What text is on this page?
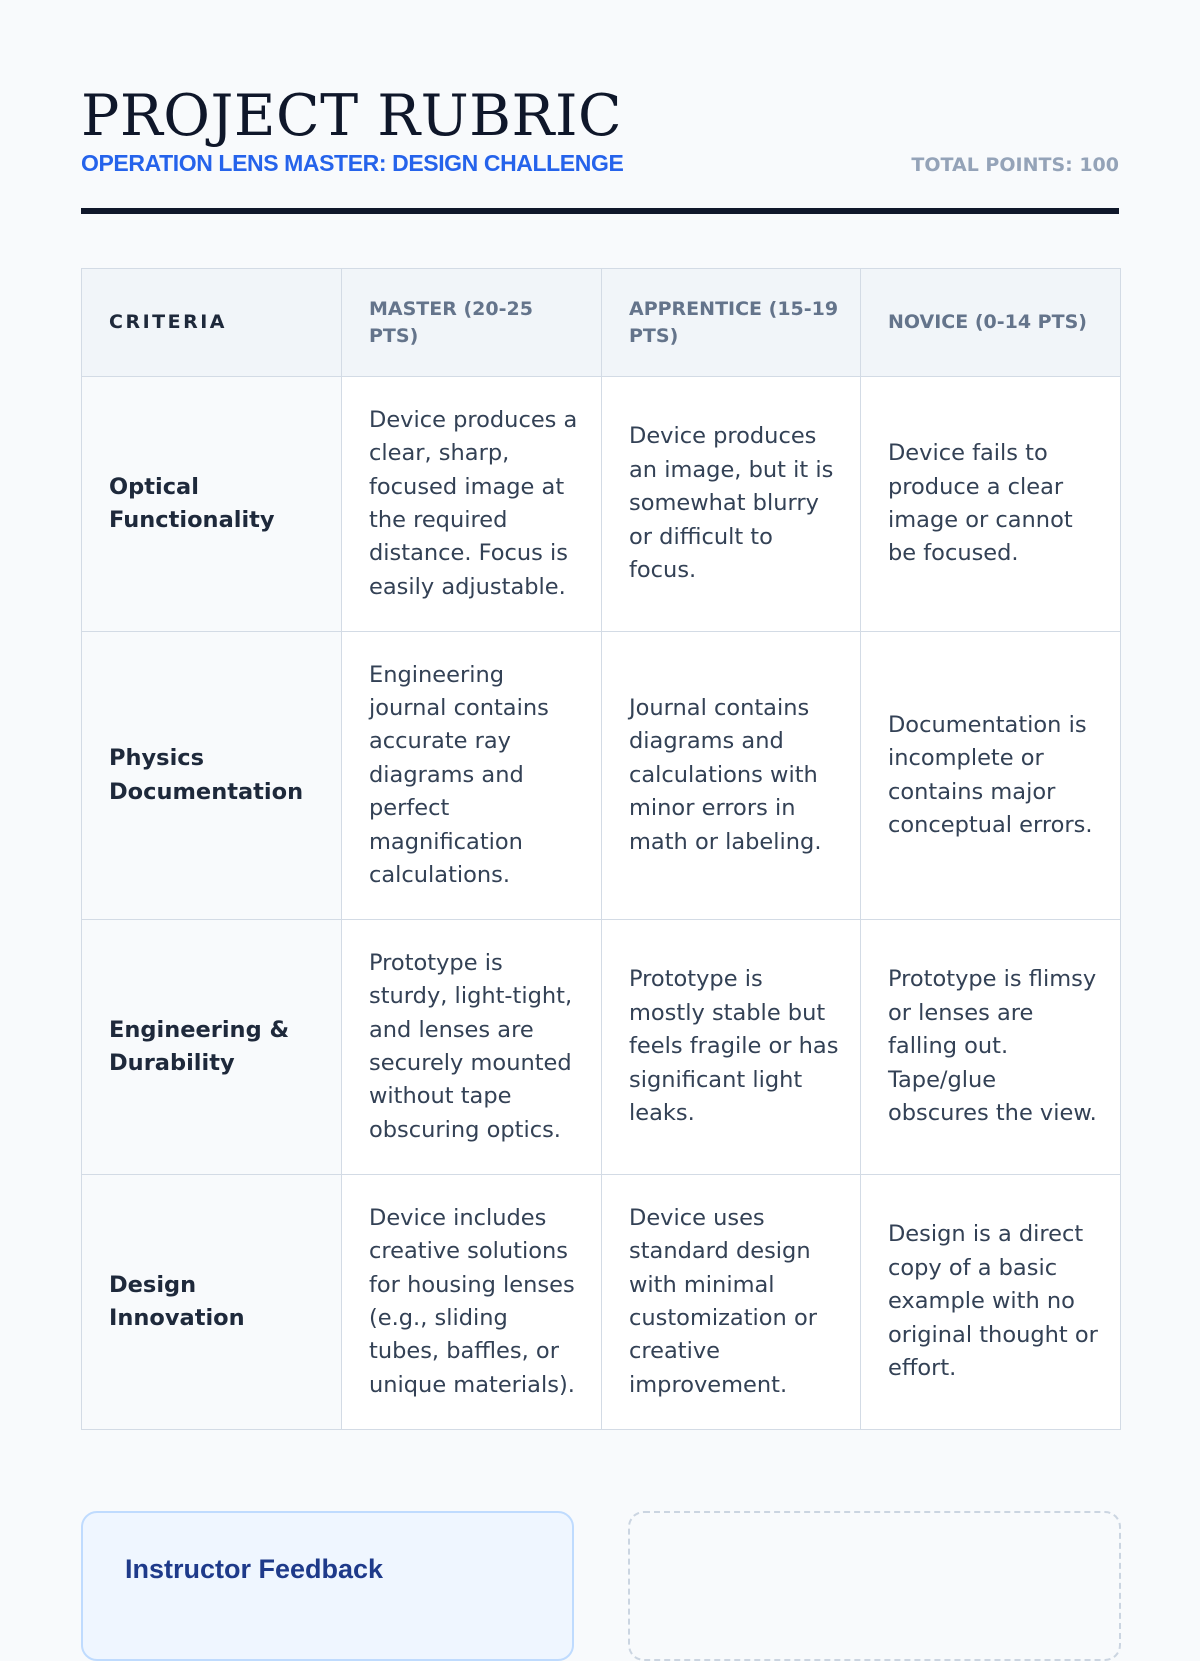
PROJECT RUBRIC
OPERATION LENS MASTER: DESIGN CHALLENGE	TOTAL POINTS: 100
CRITERIA	MASTER (20-25 PTS)	APPRENTICE (15-19 PTS)	NOVICE (0-14 PTS)
Optical Functionality	Device produces a clear, sharp, focused image at the required distance. Focus is easily adjustable.	Device produces an image, but it is somewhat blurry or difficult to focus.	Device fails to produce a clear image or cannot be focused.
Physics Documentation	Engineering journal contains accurate ray diagrams and perfect magnification calculations.	Journal contains diagrams and calculations with minor errors in math or labeling.	Documentation is incomplete or contains major conceptual errors.
Engineering & Durability	Prototype is sturdy, light-tight, and lenses are securely mounted without tape obscuring optics.	Prototype is mostly stable but feels fragile or has significant light leaks.	Prototype is flimsy or lenses are falling out. Tape/glue obscures the view.
Design Innovation	Device includes creative solutions for housing lenses (e.g., sliding tubes, baffles, or unique materials).	Device uses standard design with minimal customization or creative improvement.	Design is a direct copy of a basic example with no original thought or effort.
Instructor Feedback
